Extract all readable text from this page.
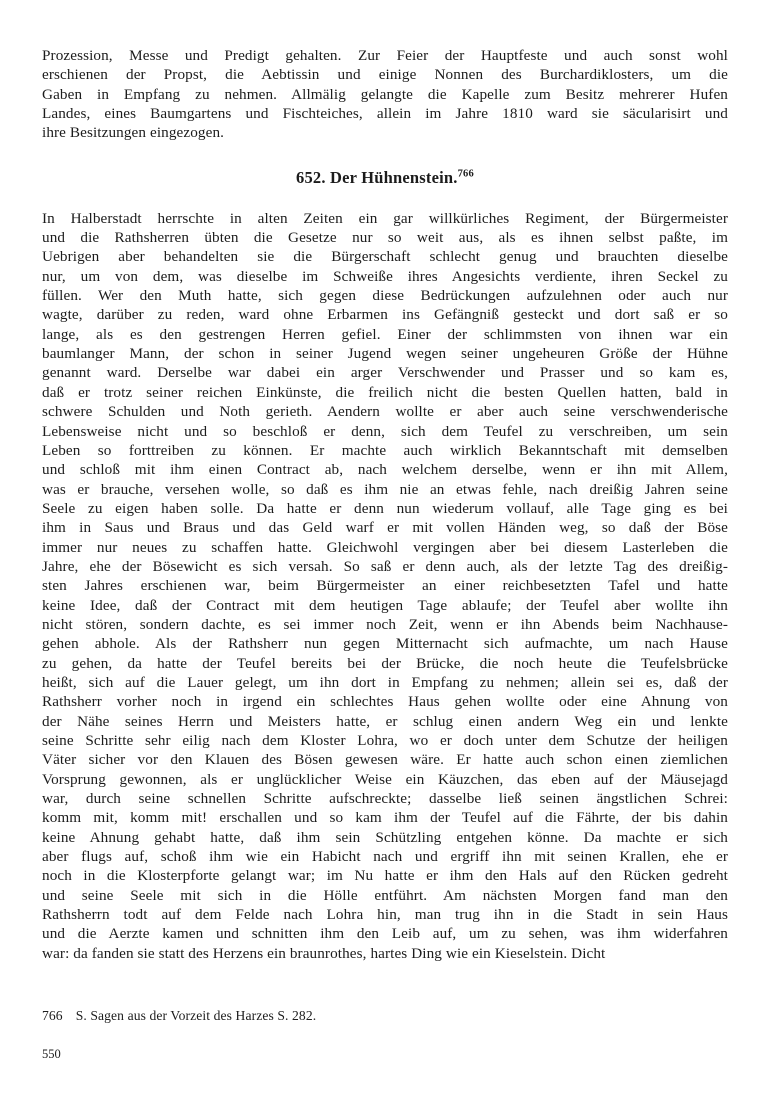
Prozession, Messe und Predigt gehalten. Zur Feier der Hauptfeste und auch sonst wohl
erschienen der Propst, die Aebtissin und einige Nonnen des Burchardiklosters, um die
Gaben in Empfang zu nehmen. Allmälig gelangte die Kapelle zum Besitz mehrerer Hufen
Landes, eines Baumgartens und Fischteiches, allein im Jahre 1810 ward sie säcularisirt und
ihre Besitzungen eingezogen.
652. Der Hühnenstein.$^{766}$
In Halberstadt herrschte in alten Zeiten ein gar willkürliches Regiment, der Bürgermeister
und die Rathsherren übten die Gesetze nur so weit aus, als es ihnen selbst paßte, im
Uebrigen aber behandelten sie die Bürgerschaft schlecht genug und brauchten dieselbe
nur, um von dem, was dieselbe im Schweiße ihres Angesichts verdiente, ihren Seckel zu
füllen. Wer den Muth hatte, sich gegen diese Bedrückungen aufzulehnen oder auch nur
wagte, darüber zu reden, ward ohne Erbarmen ins Gefängniß gesteckt und dort saß er so
lange, als es den gestrengen Herren gefiel. Einer der schlimmsten von ihnen war ein
baumlanger Mann, der schon in seiner Jugend wegen seiner ungeheuren Größe der Hühne
genannt ward. Derselbe war dabei ein arger Verschwender und Prasser und so kam es,
daß er trotz seiner reichen Einkünste, die freilich nicht die besten Quellen hatten, bald in
schwere Schulden und Noth gerieth. Aendern wollte er aber auch seine verschwenderische
Lebensweise nicht und so beschloß er denn, sich dem Teufel zu verschreiben, um sein
Leben so forttreiben zu können. Er machte auch wirklich Bekanntschaft mit demselben
und schloß mit ihm einen Contract ab, nach welchem derselbe, wenn er ihn mit Allem,
was er brauche, versehen wolle, so daß es ihm nie an etwas fehle, nach dreißig Jahren seine
Seele zu eigen haben solle. Da hatte er denn nun wiederum vollauf, alle Tage ging es bei
ihm in Saus und Braus und das Geld warf er mit vollen Händen weg, so daß der Böse
immer nur neues zu schaffen hatte. Gleichwohl vergingen aber bei diesem Lasterleben die
Jahre, ehe der Bösewicht es sich versah. So saß er denn auch, als der letzte Tag des dreißig-
sten Jahres erschienen war, beim Bürgermeister an einer reichbesetzten Tafel und hatte
keine Idee, daß der Contract mit dem heutigen Tage ablaufe; der Teufel aber wollte ihn
nicht stören, sondern dachte, es sei immer noch Zeit, wenn er ihn Abends beim Nachhause-
gehen abhole. Als der Rathsherr nun gegen Mitternacht sich aufmachte, um nach Hause
zu gehen, da hatte der Teufel bereits bei der Brücke, die noch heute die Teufelsbrücke
heißt, sich auf die Lauer gelegt, um ihn dort in Empfang zu nehmen; allein sei es, daß der
Rathsherr vorher noch in irgend ein schlechtes Haus gehen wollte oder eine Ahnung von
der Nähe seines Herrn und Meisters hatte, er schlug einen andern Weg ein und lenkte
seine Schritte sehr eilig nach dem Kloster Lohra, wo er doch unter dem Schutze der heiligen
Väter sicher vor den Klauen des Bösen gewesen wäre. Er hatte auch schon einen ziemlichen
Vorsprung gewonnen, als er unglücklicher Weise ein Käuzchen, das eben auf der Mäusejagd
war, durch seine schnellen Schritte aufschreckte; dasselbe ließ seinen ängstlichen Schrei:
komm mit, komm mit! erschallen und so kam ihm der Teufel auf die Fährte, der bis dahin
keine Ahnung gehabt hatte, daß ihm sein Schützling entgehen könne. Da machte er sich
aber flugs auf, schoß ihm wie ein Habicht nach und ergriff ihn mit seinen Krallen, ehe er
noch in die Klosterpforte gelangt war; im Nu hatte er ihm den Hals auf den Rücken gedreht
und seine Seele mit sich in die Hölle entführt. Am nächsten Morgen fand man den
Rathsherrn todt auf dem Felde nach Lohra hin, man trug ihn in die Stadt in sein Haus
und die Aerzte kamen und schnitten ihm den Leib auf, um zu sehen, was ihm widerfahren
war: da fanden sie statt des Herzens ein braunrothes, hartes Ding wie ein Kieselstein. Dicht
766 S. Sagen aus der Vorzeit des Harzes S. 282.
550
